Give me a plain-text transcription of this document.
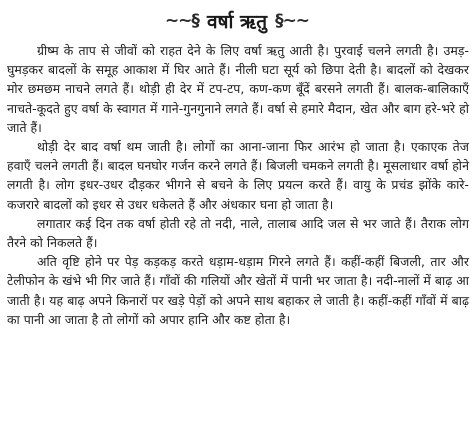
~~§ वर्षा ऋतु §~~

ग्रीष्म के ताप से जीवों को राहत देने के लिए वर्षा ऋतु आती है। पुरवाई चलने लगती है। उमड़-घुमड़कर बादलों के समूह आकाश में घिर आते हैं। नीली घटा सूर्य को छिपा देती है। बादलों को देखकर मोर छमछम नाचने लगते हैं। थोड़ी ही देर में टप-टप, कण-कण बूँदें बरसने लगती हैं। बालक-बालिकाएँ नाचते-कूदते हुए वर्षा के स्वागत में गाने-गुनगुनाने लगते हैं। वर्षा से हमारे मैदान, खेत और बाग हरे-भरे हो जाते हैं।

थोड़ी देर बाद वर्षा थम जाती है। लोगों का आना-जाना फिर आरंभ हो जाता है। एकाएक तेज हवाएँ चलने लगती हैं। बादल घनघोर गर्जन करने लगते हैं। बिजली चमकने लगती है। मूसलाधार वर्षा होने लगती है। लोग इधर-उधर दौड़कर भीगने से बचने के लिए प्रयत्न करते हैं। वायु के प्रचंड झोंके कारे-कजरारे बादलों को इधर से उधर धकेलते हैं और अंधकार घना हो जाता है।

लगातार कई दिन तक वर्षा होती रहे तो नदी, नाले, तालाब आदि जल से भर जाते हैं। तैराक लोग तैरने को निकलते हैं।

अति वृष्टि होने पर पेड़ कड़कड़ करते धड़ाम-धड़ाम गिरने लगते हैं। कहीं-कहीं बिजली, तार और टेलीफोन के खंभे भी गिर जाते हैं। गाँवों की गलियों और खेतों में पानी भर जाता है। नदी-नालों में बाढ़ आ जाती है। यह बाढ़ अपने किनारों पर खड़े पेड़ों को अपने साथ बहाकर ले जाती है। कहीं-कहीं गाँवों में बाढ़ का पानी आ जाता है तो लोगों को अपार हानि और कष्ट होता है।
